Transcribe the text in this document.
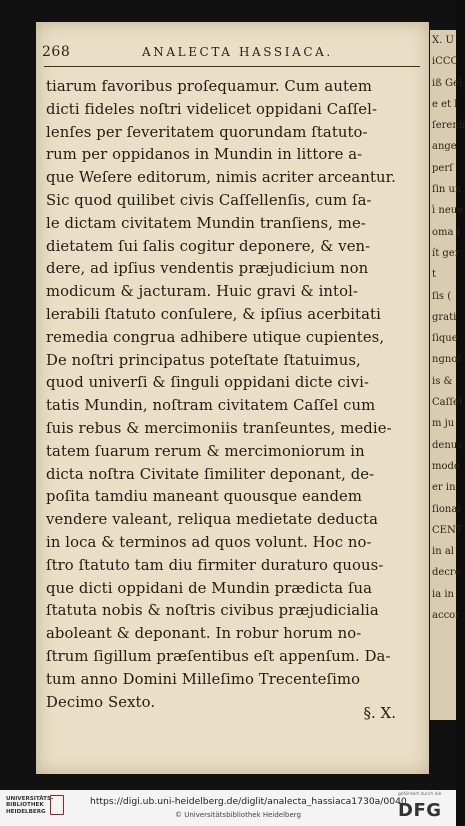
X. U
iCCC
iß Gel
e et l
ſerenh
ange
perſ
ſin un
ì neue
oma l
ít ger
t
ſis (
grati
ſique
ngnoſ
is &
Caſſel
m ju
denus
modo
er in
ſional
CENT
in al
decre
ia in
accor
268	ANALECTA HASSIACA.
tiarum favoribus proſequamur. Cum autem
dicti fideles noſtri videlicet oppidani Caſſel-
lenſes per ſeveritatem quorundam ſtatuto-
rum per oppidanos in Mundin in littore a-
que Weſere editorum, nimis acriter arceantur.
Sic quod quilibet civis Caſſellenſis, cum ſa-
le dictam civitatem Mundin tranſiens, me-
dietatem ſui ſalis cogitur deponere, & ven-
dere, ad ipſius vendentis præjudicium non
modicum & jacturam. Huic gravi & intol-
lerabili ſtatuto conſulere, & ipſius acerbitati
remedia congrua adhibere utique cupientes,
De noſtri principatus poteſtate ſtatuimus,
quod univerſi & ſinguli oppidani dicte civi-
tatis Mundin, noſtram civitatem Caſſel cum
ſuis rebus & mercimoniis tranſeuntes, medie-
tatem ſuarum rerum & mercimoniorum in
dicta noſtra Civitate ſimiliter deponant, de-
poſita tamdiu maneant quousque eandem
vendere valeant, reliqua medietate deducta
in loca & terminos ad quos volunt. Hoc no-
ſtro ſtatuto tam diu firmiter duraturo quous-
que dicti oppidani de Mundin prædicta ſua
ſtatuta nobis & noſtris civibus præjudicialia
aboleant & deponant. In robur horum no-
ſtrum ſigillum præſentibus eſt appenſum. Da-
tum anno Domini Milleſimo Trecenteſimo
Decimo Sexto.
§. X.
UNIVERSITÄTS-
BIBLIOTHEK
HEIDELBERG
https://digi.ub.uni-heidelberg.de/diglit/analecta_hassiaca1730a/0040
© Universitätsbibliothek Heidelberg
gefördert durch die
DFG
